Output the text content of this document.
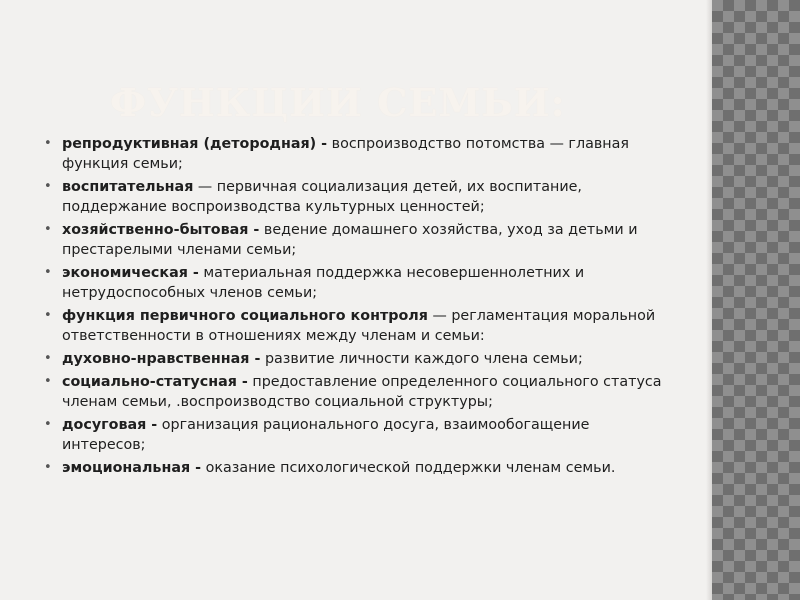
ФУНКЦИИ СЕМЬИ:
• репродуктивная (детородная) - воспроизводство потомства — главная функция семьи;
• воспитательная — первичная социализация детей, их воспитание, поддержание воспроизводства культурных ценностей;
• хозяйственно-бытовая - ведение домашнего хозяйства, уход за детьми и престарелыми членами семьи;
• экономическая - материальная поддержка несовершеннолетних и нетрудоспособных членов семьи;
• функция первичного социального контроля — регламентация моральной ответственности в отношениях между членам и семьи:
• духовно-нравственная - развитие личности каждого члена семьи;
• социально-статусная - предоставление определенного социального статуса членам семьи, .воспроизводство социальной структуры;
• досуговая - организация рационального досуга, взаимообогащение интересов;
• эмоциональная - оказание психологической поддержки членам семьи.
